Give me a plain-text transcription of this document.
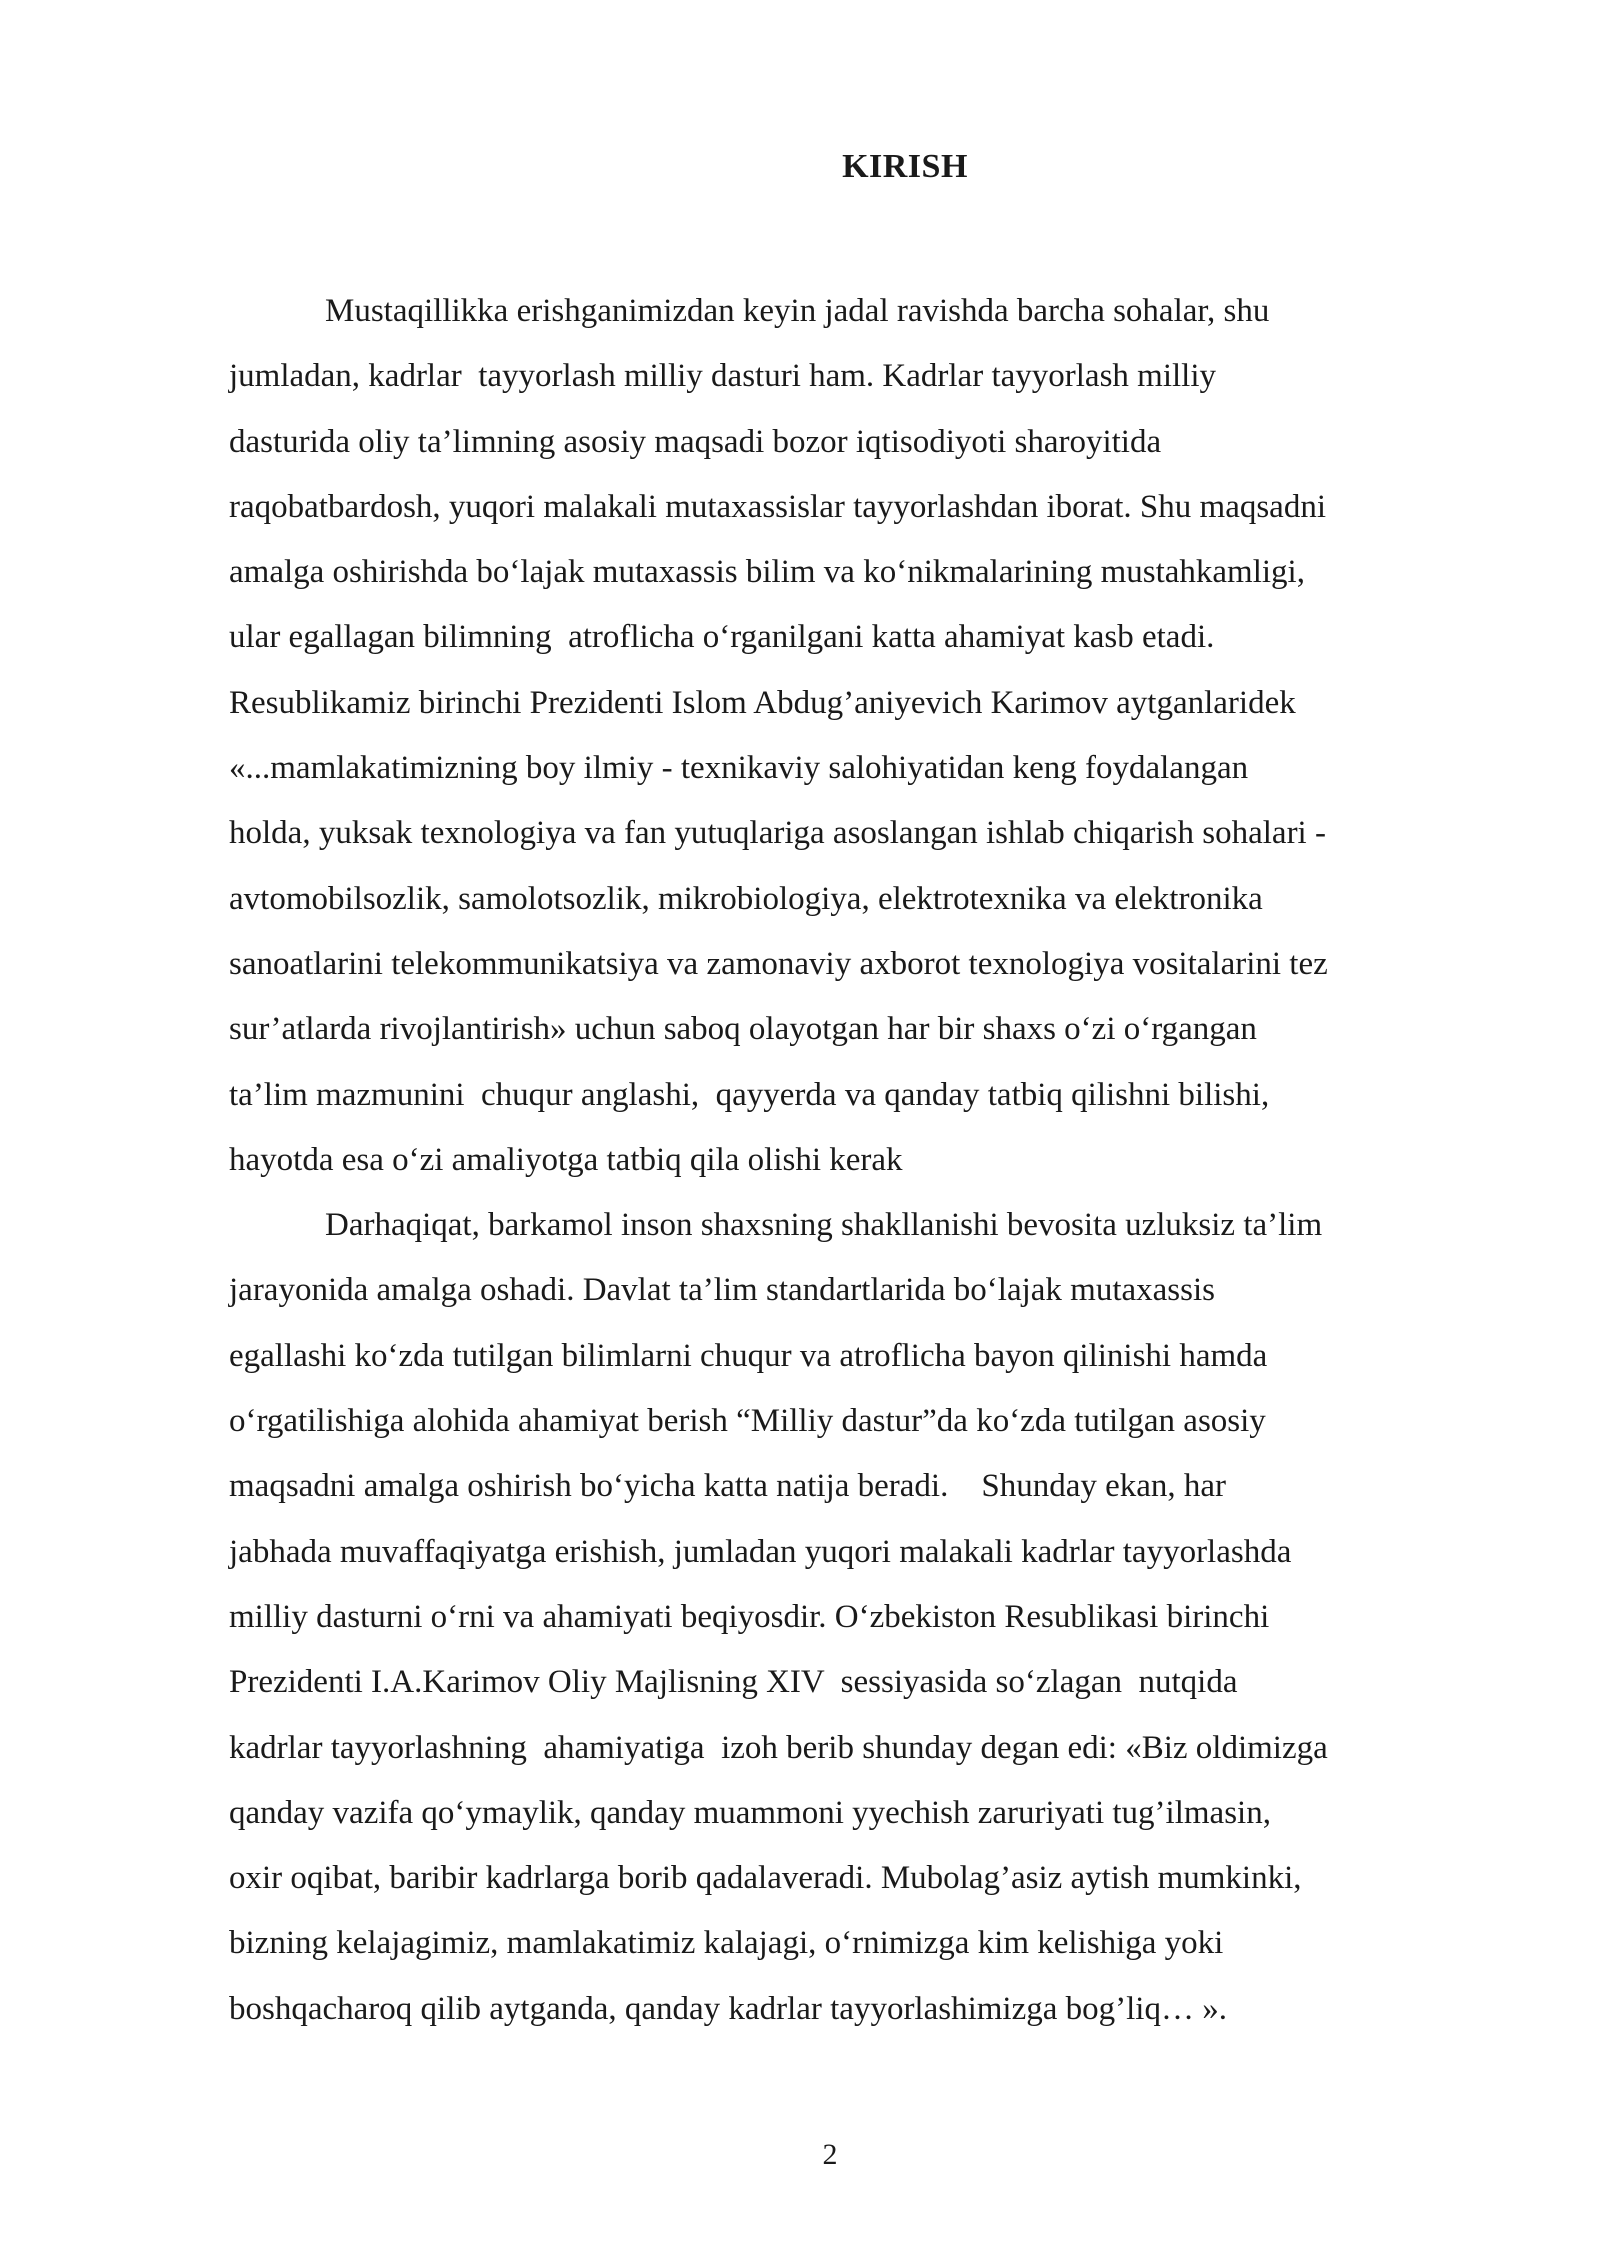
KIRISH
Mustaqillikka erishganimizdan keyin jadal ravishda barcha sohalar, shu
jumladan, kadrlar  tayyorlash milliy dasturi ham. Kadrlar tayyorlash milliy
dasturida oliy ta’limning asosiy maqsadi bozor iqtisodiyoti sharoyitida
raqobatbardosh, yuqori malakali mutaxassislar tayyorlashdan iborat. Shu maqsadni
amalga oshirishda bo‘lajak mutaxassis bilim va ko‘nikmalarining mustahkamligi,
ular egallagan bilimning  atroflicha o‘rganilgani katta ahamiyat kasb etadi.
Resublikamiz birinchi Prezidenti Islom Abdug’aniyevich Karimov aytganlaridek
«...mamlakatimizning boy ilmiy - texnikaviy salohiyatidan keng foydalangan
holda, yuksak texnologiya va fan yutuqlariga asoslangan ishlab chiqarish sohalari -
avtomobilsozlik, samolotsozlik, mikrobiologiya, elektrotexnika va elektronika
sanoatlarini telekommunikatsiya va zamonaviy axborot texnologiya vositalarini tez
sur’atlarda rivojlantirish» uchun saboq olayotgan har bir shaxs o‘zi o‘rgangan
ta’lim mazmunini  chuqur anglashi,  qayyerda va qanday tatbiq qilishni bilishi,
hayotda esa o‘zi amaliyotga tatbiq qila olishi kerak
Darhaqiqat, barkamol inson shaxsning shakllanishi bevosita uzluksiz ta’lim
jarayonida amalga oshadi. Davlat ta’lim standartlarida bo‘lajak mutaxassis
egallashi ko‘zda tutilgan bilimlarni chuqur va atroflicha bayon qilinishi hamda
o‘rgatilishiga alohida ahamiyat berish “Milliy dastur”da ko‘zda tutilgan asosiy
maqsadni amalga oshirish bo‘yicha katta natija beradi.    Shunday ekan, har
jabhada muvaffaqiyatga erishish, jumladan yuqori malakali kadrlar tayyorlashda
milliy dasturni o‘rni va ahamiyati beqiyosdir. O‘zbekiston Resublikasi birinchi
Prezidenti I.A.Karimov Oliy Majlisning XIV  sessiyasida so‘zlagan  nutqida
kadrlar tayyorlashning  ahamiyatiga  izoh berib shunday degan edi: «Biz oldimizga
qanday vazifa qo‘ymaylik, qanday muammoni yyechish zaruriyati tug’ilmasin,
oxir oqibat, baribir kadrlarga borib qadalaveradi. Mubolag’asiz aytish mumkinki,
bizning kelajagimiz, mamlakatimiz kalajagi, o‘rnimizga kim kelishiga yoki
boshqacharoq qilib aytganda, qanday kadrlar tayyorlashimizga bog’liq… ».
2
